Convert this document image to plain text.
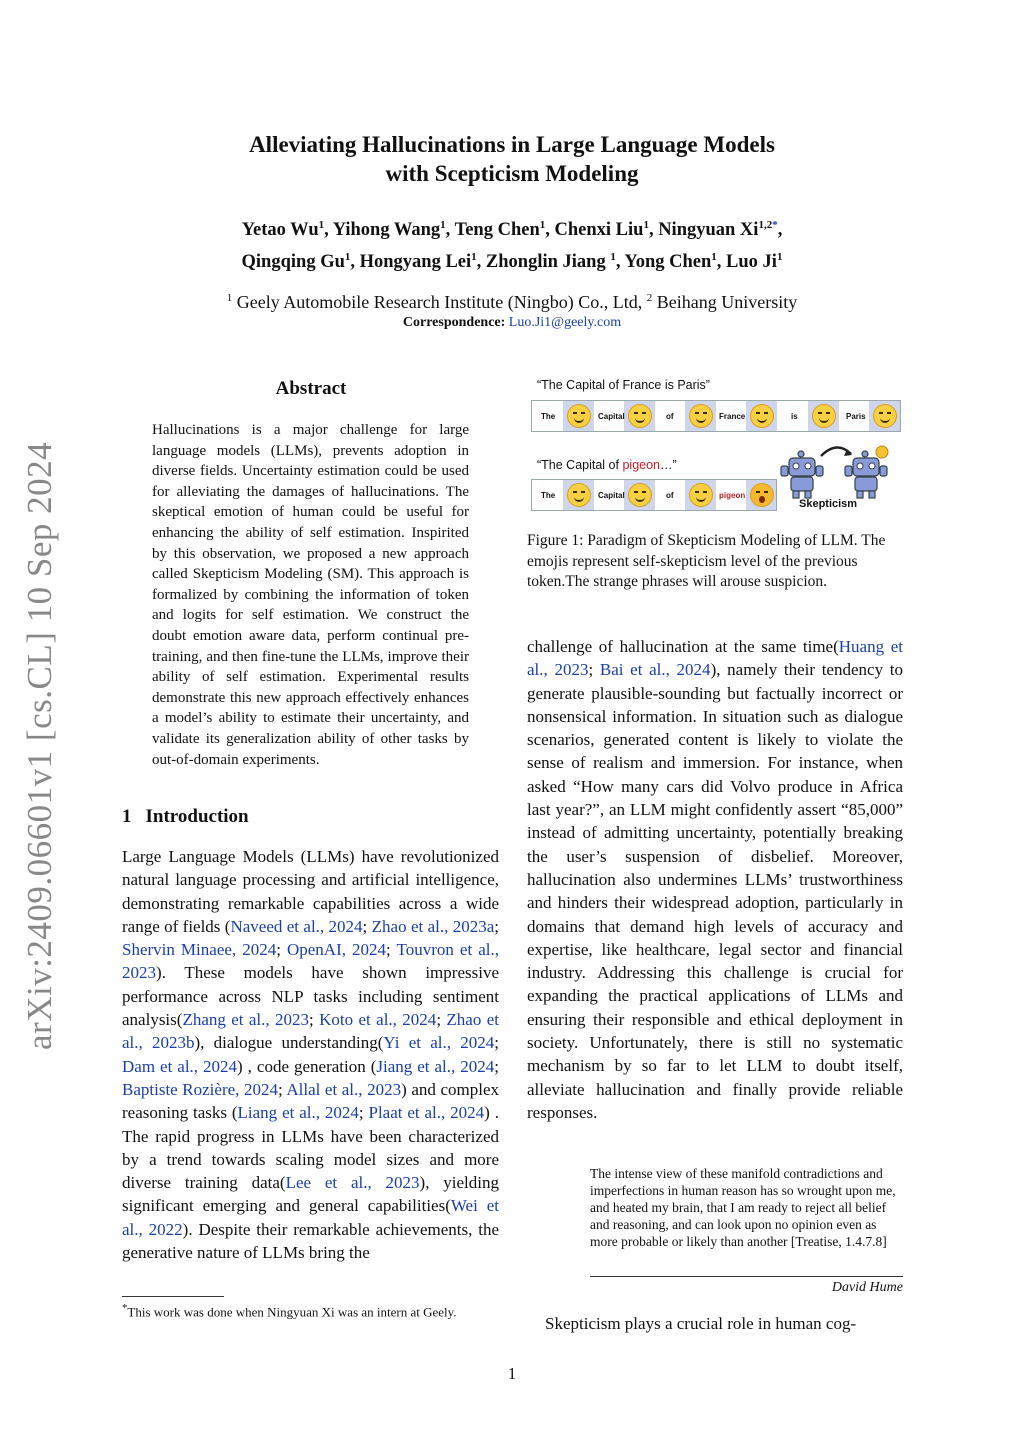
Alleviating Hallucinations in Large Language Models
with Scepticism Modeling
Yetao Wu$^1$, Yihong Wang$^1$, Teng Chen$^1$, Chenxi Liu$^1$, Ningyuan $Xi^{1,2*}$,
Qingqing Gu$^1$, Hongyang Lei$^1$, Zhonglin Jiang $^1$, Yong Chen$^1$, Luo Ji$^1$
$^1$ Geely Automobile Research Institute (Ningbo) Co., Ltd, $^2$ Beihang University
Correspondence: Luo.Ji1@geely.com
arXiv:2409.06601v1 [cs.CL] 10 Sep 2024
Abstract
Hallucinations is a major challenge for large language models (LLMs), prevents adoption in diverse fields. Uncertainty estimation could be used for alleviating the damages of hallucinations. The skeptical emotion of human could be useful for enhancing the ability of self estimation. Inspirited by this observation, we proposed a new approach called Skepticism Modeling (SM). This approach is formalized by combining the information of token and logits for self estimation. We construct the doubt emotion aware data, perform continual pre-training, and then fine-tune the LLMs, improve their ability of self estimation. Experimental results demonstrate this new approach effectively enhances a model’s ability to estimate their uncertainty, and validate its generalization ability of other tasks by out-of-domain experiments.
1 Introduction
Large Language Models (LLMs) have revolutionized natural language processing and artificial intelligence, demonstrating remarkable capabilities across a wide range of fields (Naveed et al., 2024; Zhao et al., 2023a; Shervin Minaee, 2024; OpenAI, 2024; Touvron et al., 2023). These models have shown impressive performance across NLP tasks including sentiment analysis(Zhang et al., 2023; Koto et al., 2024; Zhao et al., 2023b), dialogue understanding(Yi et al., 2024; Dam et al., 2024) , code generation (Jiang et al., 2024; Baptiste Rozière, 2024; Allal et al., 2023) and complex reasoning tasks (Liang et al., 2024; Plaat et al., 2024) . The rapid progress in LLMs have been characterized by a trend towards scaling model sizes and more diverse training data(Lee et al., 2023), yielding significant emerging and general capabilities(Wei et al., 2022). Despite their remarkable achievements, the generative nature of LLMs bring the
*This work was done when Ningyuan Xi was an intern at Geely.
“The Capital of France is Paris”
The	Capital	of	France	is	Paris
“The Capital of pigeon…”
The	Capital	of	pigeon
Skepticism
Figure 1: Paradigm of Skepticism Modeling of LLM. The emojis represent self-skepticism level of the previous token.The strange phrases will arouse suspicion.
challenge of hallucination at the same time(Huang et al., 2023; Bai et al., 2024), namely their tendency to generate plausible-sounding but factually incorrect or nonsensical information. In situation such as dialogue scenarios, generated content is likely to violate the sense of realism and immersion. For instance, when asked “How many cars did Volvo produce in Africa last year?”, an LLM might confidently assert “85,000” instead of admitting uncertainty, potentially breaking the user’s suspension of disbelief. Moreover, hallucination also undermines LLMs’ trustworthiness and hinders their widespread adoption, particularly in domains that demand high levels of accuracy and expertise, like healthcare, legal sector and financial industry. Addressing this challenge is crucial for expanding the practical applications of LLMs and ensuring their responsible and ethical deployment in society. Unfortunately, there is still no systematic mechanism by so far to let LLM to doubt itself, alleviate hallucination and finally provide reliable responses.
The intense view of these manifold contradictions and imperfections in human reason has so wrought upon me, and heated my brain, that I am ready to reject all belief and reasoning, and can look upon no opinion even as more probable or likely than another [Treatise, 1.4.7.8]
David Hume
Skepticism plays a crucial role in human cog-
1
